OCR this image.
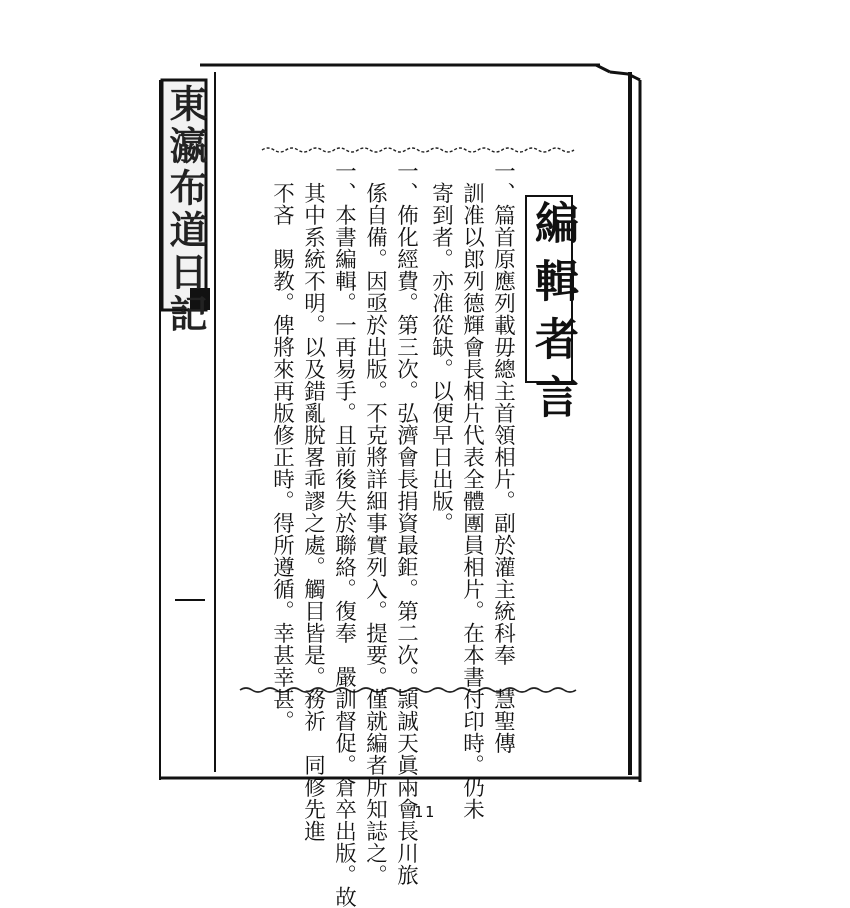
東瀛布道日記	編輯者言
一、篇首原應列載毋總主首領相片。副於灌主統科奉　慧聖傳
　訓准以郎列德輝會長相片代表全體團員相片。在本書付印時。仍未
　寄到者。亦准從缺。以便早日出版。
一、佈化經費。第三次。弘濟會長捐資最鉅。第二次。頴誠天眞兩會長川旅
　係自備。因亟於出版。不克將詳細事實列入。提要。僅就編者所知誌之。
一、本書編輯。一再易手。且前後失於聯絡。復奉　嚴訓督促。倉卒出版。故
　其中系統不明。以及錯亂脫畧乖謬之處。觸目皆是。務祈　同修先進
　不吝　賜教。俾將來再版修正時。得所遵循。幸甚幸甚。
11
